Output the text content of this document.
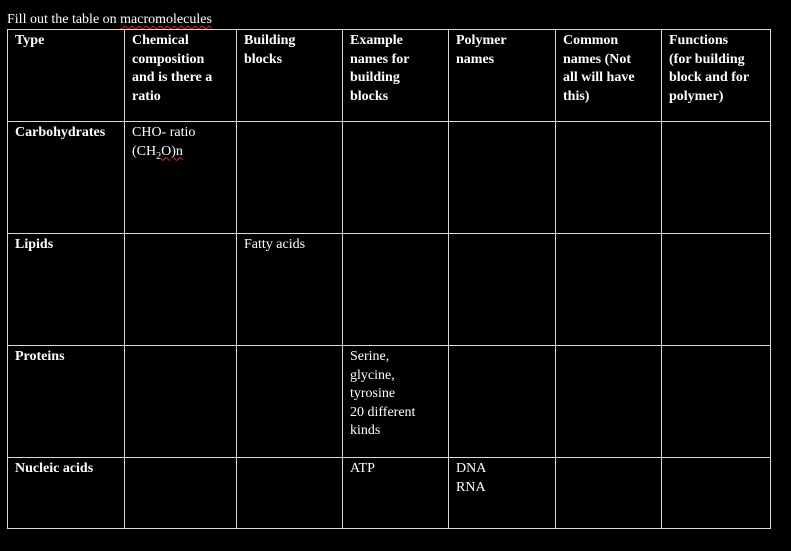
Fill out the table on macromolecules
Type	Chemical
composition
and is there a
ratio	Building
blocks	Example
names for
building
blocks	Polymer
names	Common
names (Not
all will have
this)	Functions
(for building
block and for
polymer)

Carbohydrates	CHO- ratio
$(CH_2O)n$					

Lipids		Fatty acids				

Proteins			Serine,
glycine,
tyrosine
20 different
kinds			

Nucleic acids			ATP	DNA
RNA		
